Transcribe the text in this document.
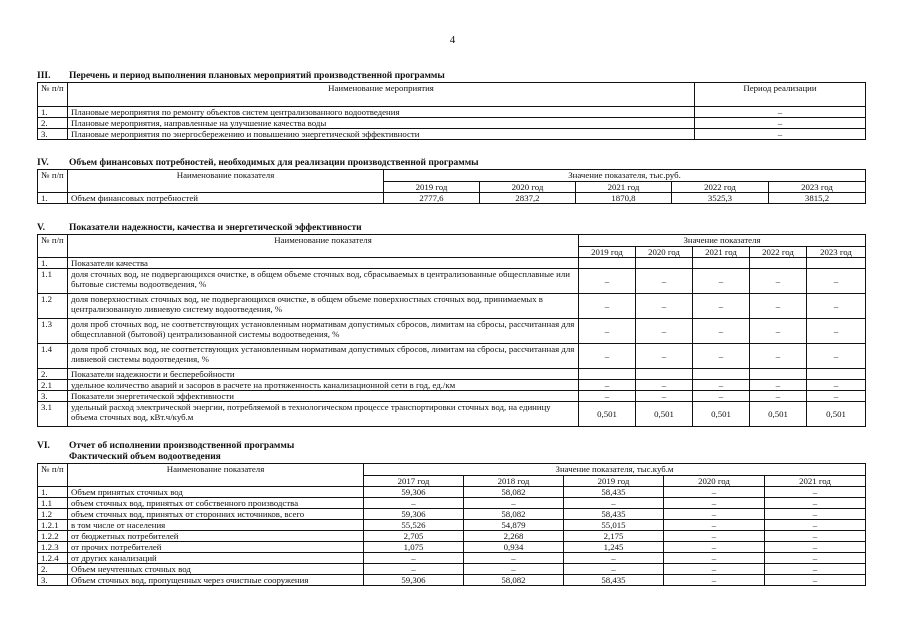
4
III. Перечень и период выполнения плановых мероприятий производственной программы
№ п/п	Наименование мероприятия	Период реализации
1.	Плановые мероприятия по ремонту объектов систем централизованного водоотведения	–
2.	Плановые мероприятия, направленные на улучшение качества воды	–
3.	Плановые мероприятия по энергосбережению и повышению энергетической эффективности	–
IV. Объем финансовых потребностей, необходимых для реализации производственной программы
№ п/п	Наименование показателя	Значение показателя, тыс.руб.				
		2019 год	2020 год	2021 год	2022 год	2023 год
1.	Объем финансовых потребностей	2777,6	2837,2	1870,8	3525,3	3815,2
V.	Показатели надежности, качества и энергетической эффективности
№ п/п	Наименование показателя	Значение показателя				
		2019 год	2020 год	2021 год	2022 год	2023 год
1.	Показатели качества					
1.1	доля сточных вод, не подвергающихся очистке, в общем объеме сточных вод, сбрасываемых в централизованные общесплавные или бытовые системы водоотведения, %	–	–	–	–	–
1.2	доля поверхностных сточных вод, не подвергающихся очистке, в общем объеме поверхностных сточных вод, принимаемых в централизованную ливневую систему водоотведения, %	–	–	–	–	–
1.3	доля проб сточных вод, не соответствующих установленным нормативам допустимых сбросов, лимитам на сбросы, рассчитанная для общесплавной (бытовой) централизованной системы водоотведения, %	–	–	–	–	–
1.4	доля проб сточных вод, не соответствующих установленным нормативам допустимых сбросов, лимитам на сбросы, рассчитанная для ливневой системы водоотведения, %	–	–	–	–	–
2.	Показатели надежности и бесперебойности					
2.1	удельное количество аварий и засоров в расчете на протяженность канализационной сети в год, ед./км	–	–	–	–	–
3.	Показатели энергетической эффективности	–	–	–	–	–
3.1	удельный расход электрической энергии, потребляемой в технологическом процессе транспортировки сточных вод, на единицу объема сточных вод, кВт.ч/куб.м	0,501	0,501	0,501	0,501	0,501
VI. Отчет об исполнении производственной программы
Фактический объем водоотведения
№ п/п	Наименование показателя	Значение показателя, тыс.куб.м				
		2017 год	2018 год	2019 год	2020 год	2021 год
1.	Объем принятых сточных вод	59,306	58,082	58,435	–	–
1.1	объем сточных вод, принятых от собственного производства	–	–	–	–	–
1.2	объем сточных вод, принятых от сторонних источников, всего	59,306	58,082	58,435	–	–
1.2.1	в том числе от населения	55,526	54,879	55,015	–	–
1.2.2	от бюджетных потребителей	2,705	2,268	2,175	–	–
1.2.3	от прочих потребителей	1,075	0,934	1,245	–	–
1.2.4	от других канализаций	–	–	–	–	–
2.	Объем неучтенных сточных вод	–	–	–	–	–
3.	Объем сточных вод, пропущенных через очистные сооружения	59,306	58,082	58,435	–	–
